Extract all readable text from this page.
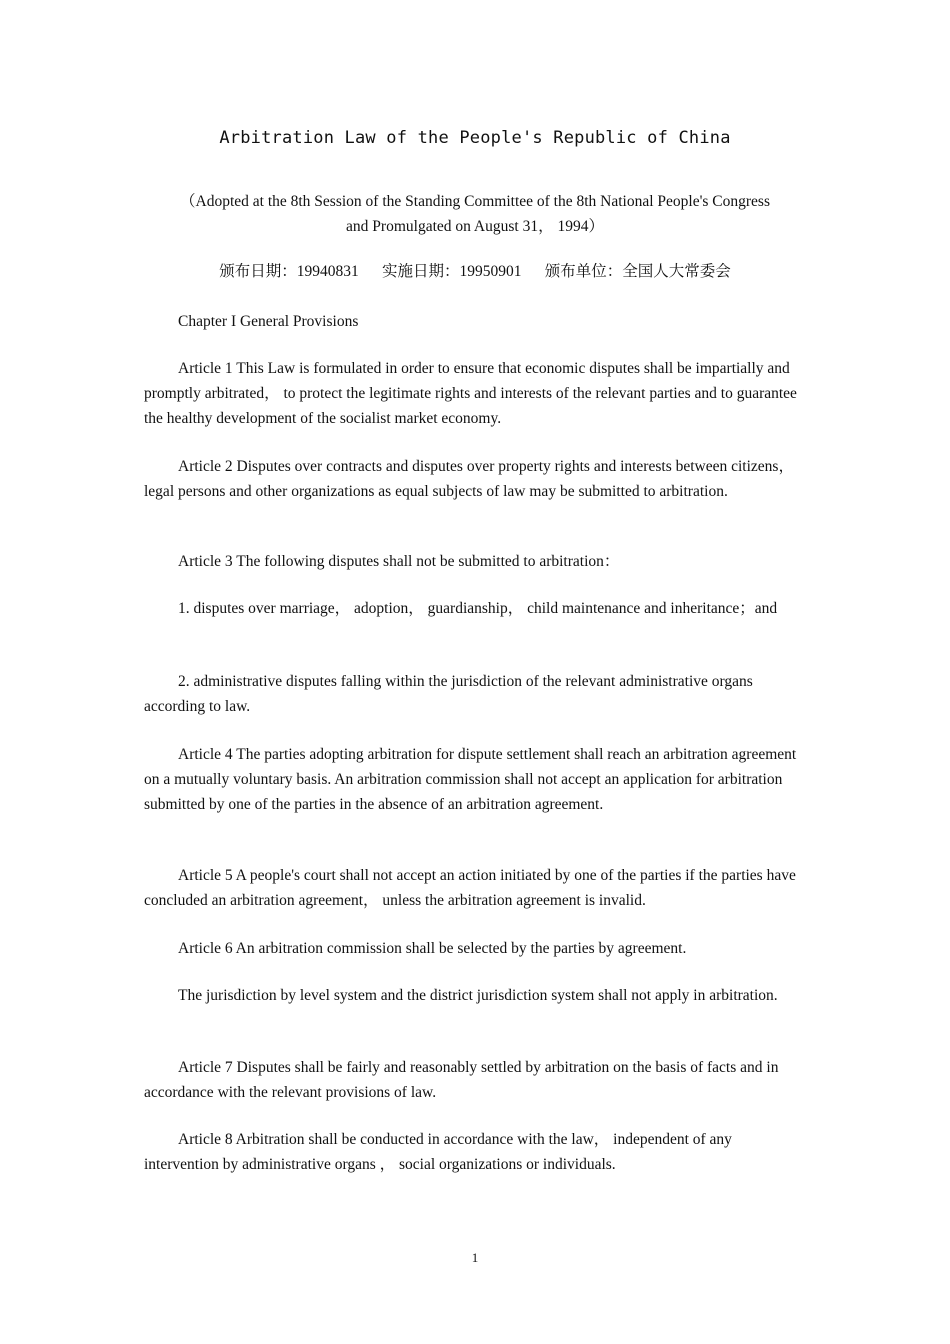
Arbitration Law of the People's Republic of China
（Adopted at the 8th Session of the Standing Committee of the 8th National People's Congress
and Promulgated on August 31， 1994）
颁布日期：19940831      实施日期：19950901      颁布单位：全国人大常委会
Chapter I General Provisions
Article 1 This Law is formulated in order to ensure that economic disputes shall be impartially and promptly arbitrated， to protect the legitimate rights and interests of the relevant parties and to guarantee the healthy development of the socialist market economy.
Article 2 Disputes over contracts and disputes over property rights and interests between citizens， legal persons and other organizations as equal subjects of law may be submitted to arbitration.
Article 3 The following disputes shall not be submitted to arbitration：
1. disputes over marriage， adoption， guardianship， child maintenance and inheritance；and
2. administrative disputes falling within the jurisdiction of the relevant administrative organs according to law.
Article 4 The parties adopting arbitration for dispute settlement shall reach an arbitration agreement on a mutually voluntary basis. An arbitration commission shall not accept an application for arbitration submitted by one of the parties in the absence of an arbitration agreement.
Article 5 A people's court shall not accept an action initiated by one of the parties if the parties have concluded an arbitration agreement， unless the arbitration agreement is invalid.
Article 6 An arbitration commission shall be selected by the parties by agreement.
The jurisdiction by level system and the district jurisdiction system shall not apply in arbitration.
Article 7 Disputes shall be fairly and reasonably settled by arbitration on the basis of facts and in accordance with the relevant provisions of law.
Article 8 Arbitration shall be conducted in accordance with the law， independent of any intervention by administrative organs ， social organizations or individuals.
1
